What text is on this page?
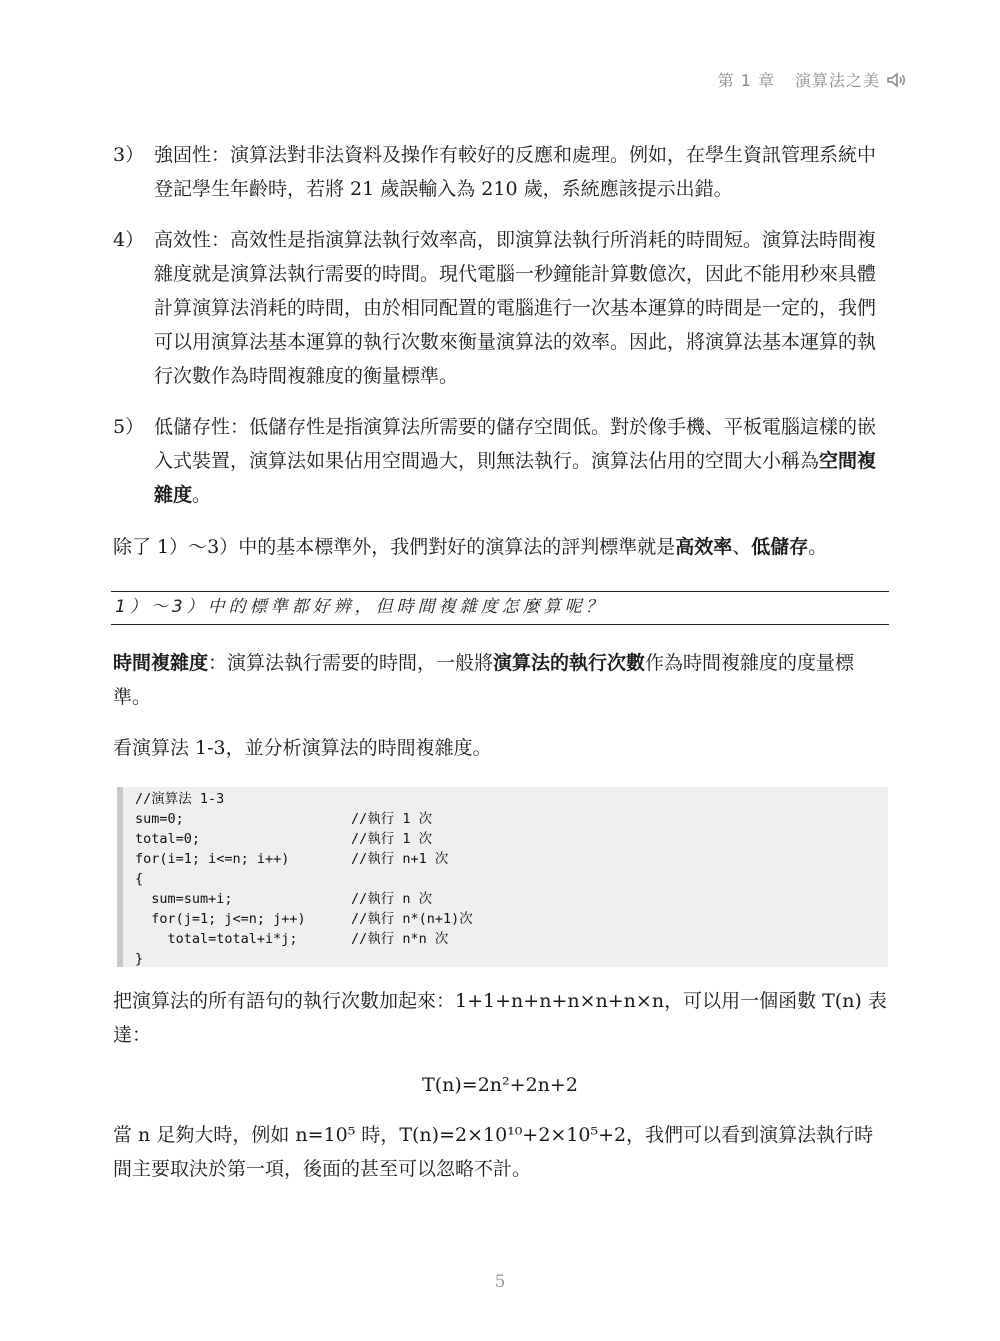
第 1 章 演算法之美
3） 強固性：演算法對非法資料及操作有較好的反應和處理。例如，在學生資訊管理系統中登記學生年齡時，若將 21 歲誤輸入為 210 歲，系統應該提示出錯。
4） 高效性：高效性是指演算法執行效率高，即演算法執行所消耗的時間短。演算法時間複雜度就是演算法執行需要的時間。現代電腦一秒鐘能計算數億次，因此不能用秒來具體計算演算法消耗的時間，由於相同配置的電腦進行一次基本運算的時間是一定的，我們可以用演算法基本運算的執行次數來衡量演算法的效率。因此，將演算法基本運算的執行次數作為時間複雜度的衡量標準。
5） 低儲存性：低儲存性是指演算法所需要的儲存空間低。對於像手機、平板電腦這樣的嵌入式裝置，演算法如果佔用空間過大，則無法執行。演算法佔用的空間大小稱為空間複雜度。
除了 1）～3）中的基本標準外，我們對好的演算法的評判標準就是高效率、低儲存。
1）～3）中的標準都好辨，但時間複雜度怎麼算呢？
時間複雜度：演算法執行需要的時間，一般將演算法的執行次數作為時間複雜度的度量標準。
看演算法 1-3，並分析演算法的時間複雜度。
//演算法 1-3
sum=0;	//執行 1 次
total=0;	//執行 1 次
for(i=1; i<=n; i++)	//執行 n+1 次
{
sum=sum+i;	//執行 n 次
for(j=1; j<=n; j++)	//執行 n*(n+1)次
total=total+i*j;	//執行 n*n 次
}
把演算法的所有語句的執行次數加起來：1+1+n+n+n×n+n×n，可以用一個函數 T(n) 表達：
T(n)=2n²+2n+2
當 n 足夠大時，例如 n=10⁵ 時，T(n)=2×10¹⁰+2×10⁵+2，我們可以看到演算法執行時間主要取決於第一項，後面的甚至可以忽略不計。
5
